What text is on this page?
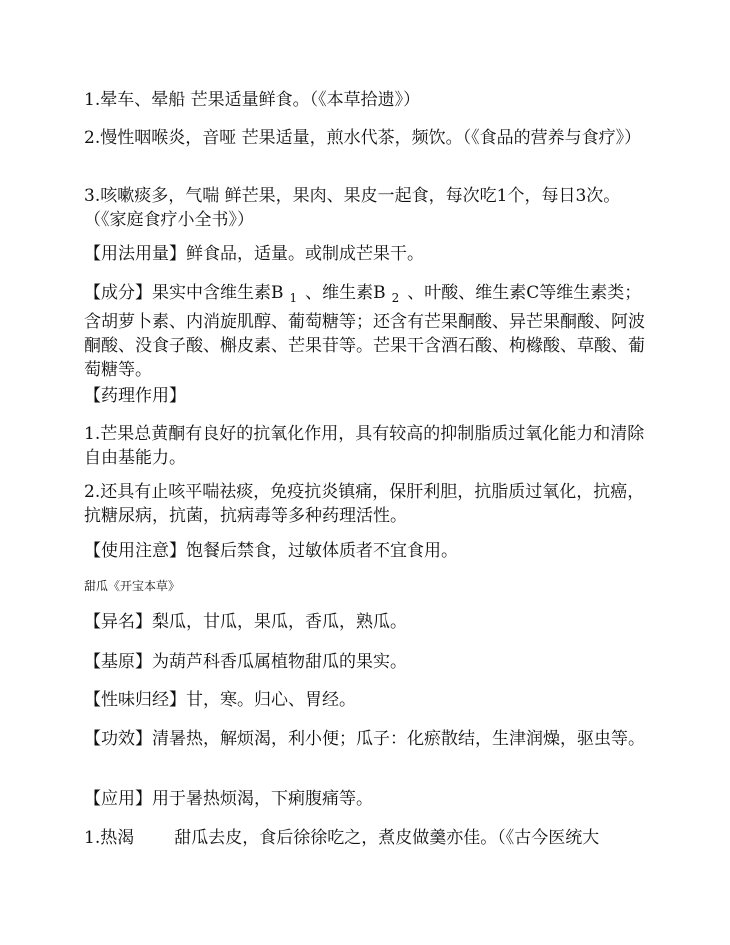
1.晕车、晕船 芒果适量鲜食。（《本草拾遗》）

2.慢性咽喉炎，音哑 芒果适量，煎水代茶，频饮。（《食品的营养与食疗》）

3.咳嗽痰多，气喘 鲜芒果，果肉、果皮一起食，每次吃1个，每日3次。（《家庭食疗小全书》）

【用法用量】鲜食品，适量。或制成芒果干。

【成分】果实中含维生素B $_1$ 、维生素B $_2$ 、叶酸、维生素C等维生素类；含胡萝卜素、内消旋肌醇、葡萄糖等；还含有芒果酮酸、异芒果酮酸、阿波酮酸、没食子酸、槲皮素、芒果苷等。芒果干含酒石酸、枸橼酸、草酸、葡萄糖等。

【药理作用】

1.芒果总黄酮有良好的抗氧化作用，具有较高的抑制脂质过氧化能力和清除自由基能力。

2.还具有止咳平喘祛痰，免疫抗炎镇痛，保肝利胆，抗脂质过氧化，抗癌，抗糖尿病，抗菌，抗病毒等多种药理活性。

【使用注意】饱餐后禁食，过敏体质者不宜食用。

甜瓜《开宝本草》

【异名】梨瓜，甘瓜，果瓜，香瓜，熟瓜。

【基原】为葫芦科香瓜属植物甜瓜的果实。

【性味归经】甘，寒。归心、胃经。

【功效】清暑热，解烦渴，利小便；瓜子：化瘀散结，生津润燥，驱虫等。

【应用】用于暑热烦渴，下痢腹痛等。

1.热渴 甜瓜去皮，食后徐徐吃之，煮皮做羹亦佳。（《古今医统大
